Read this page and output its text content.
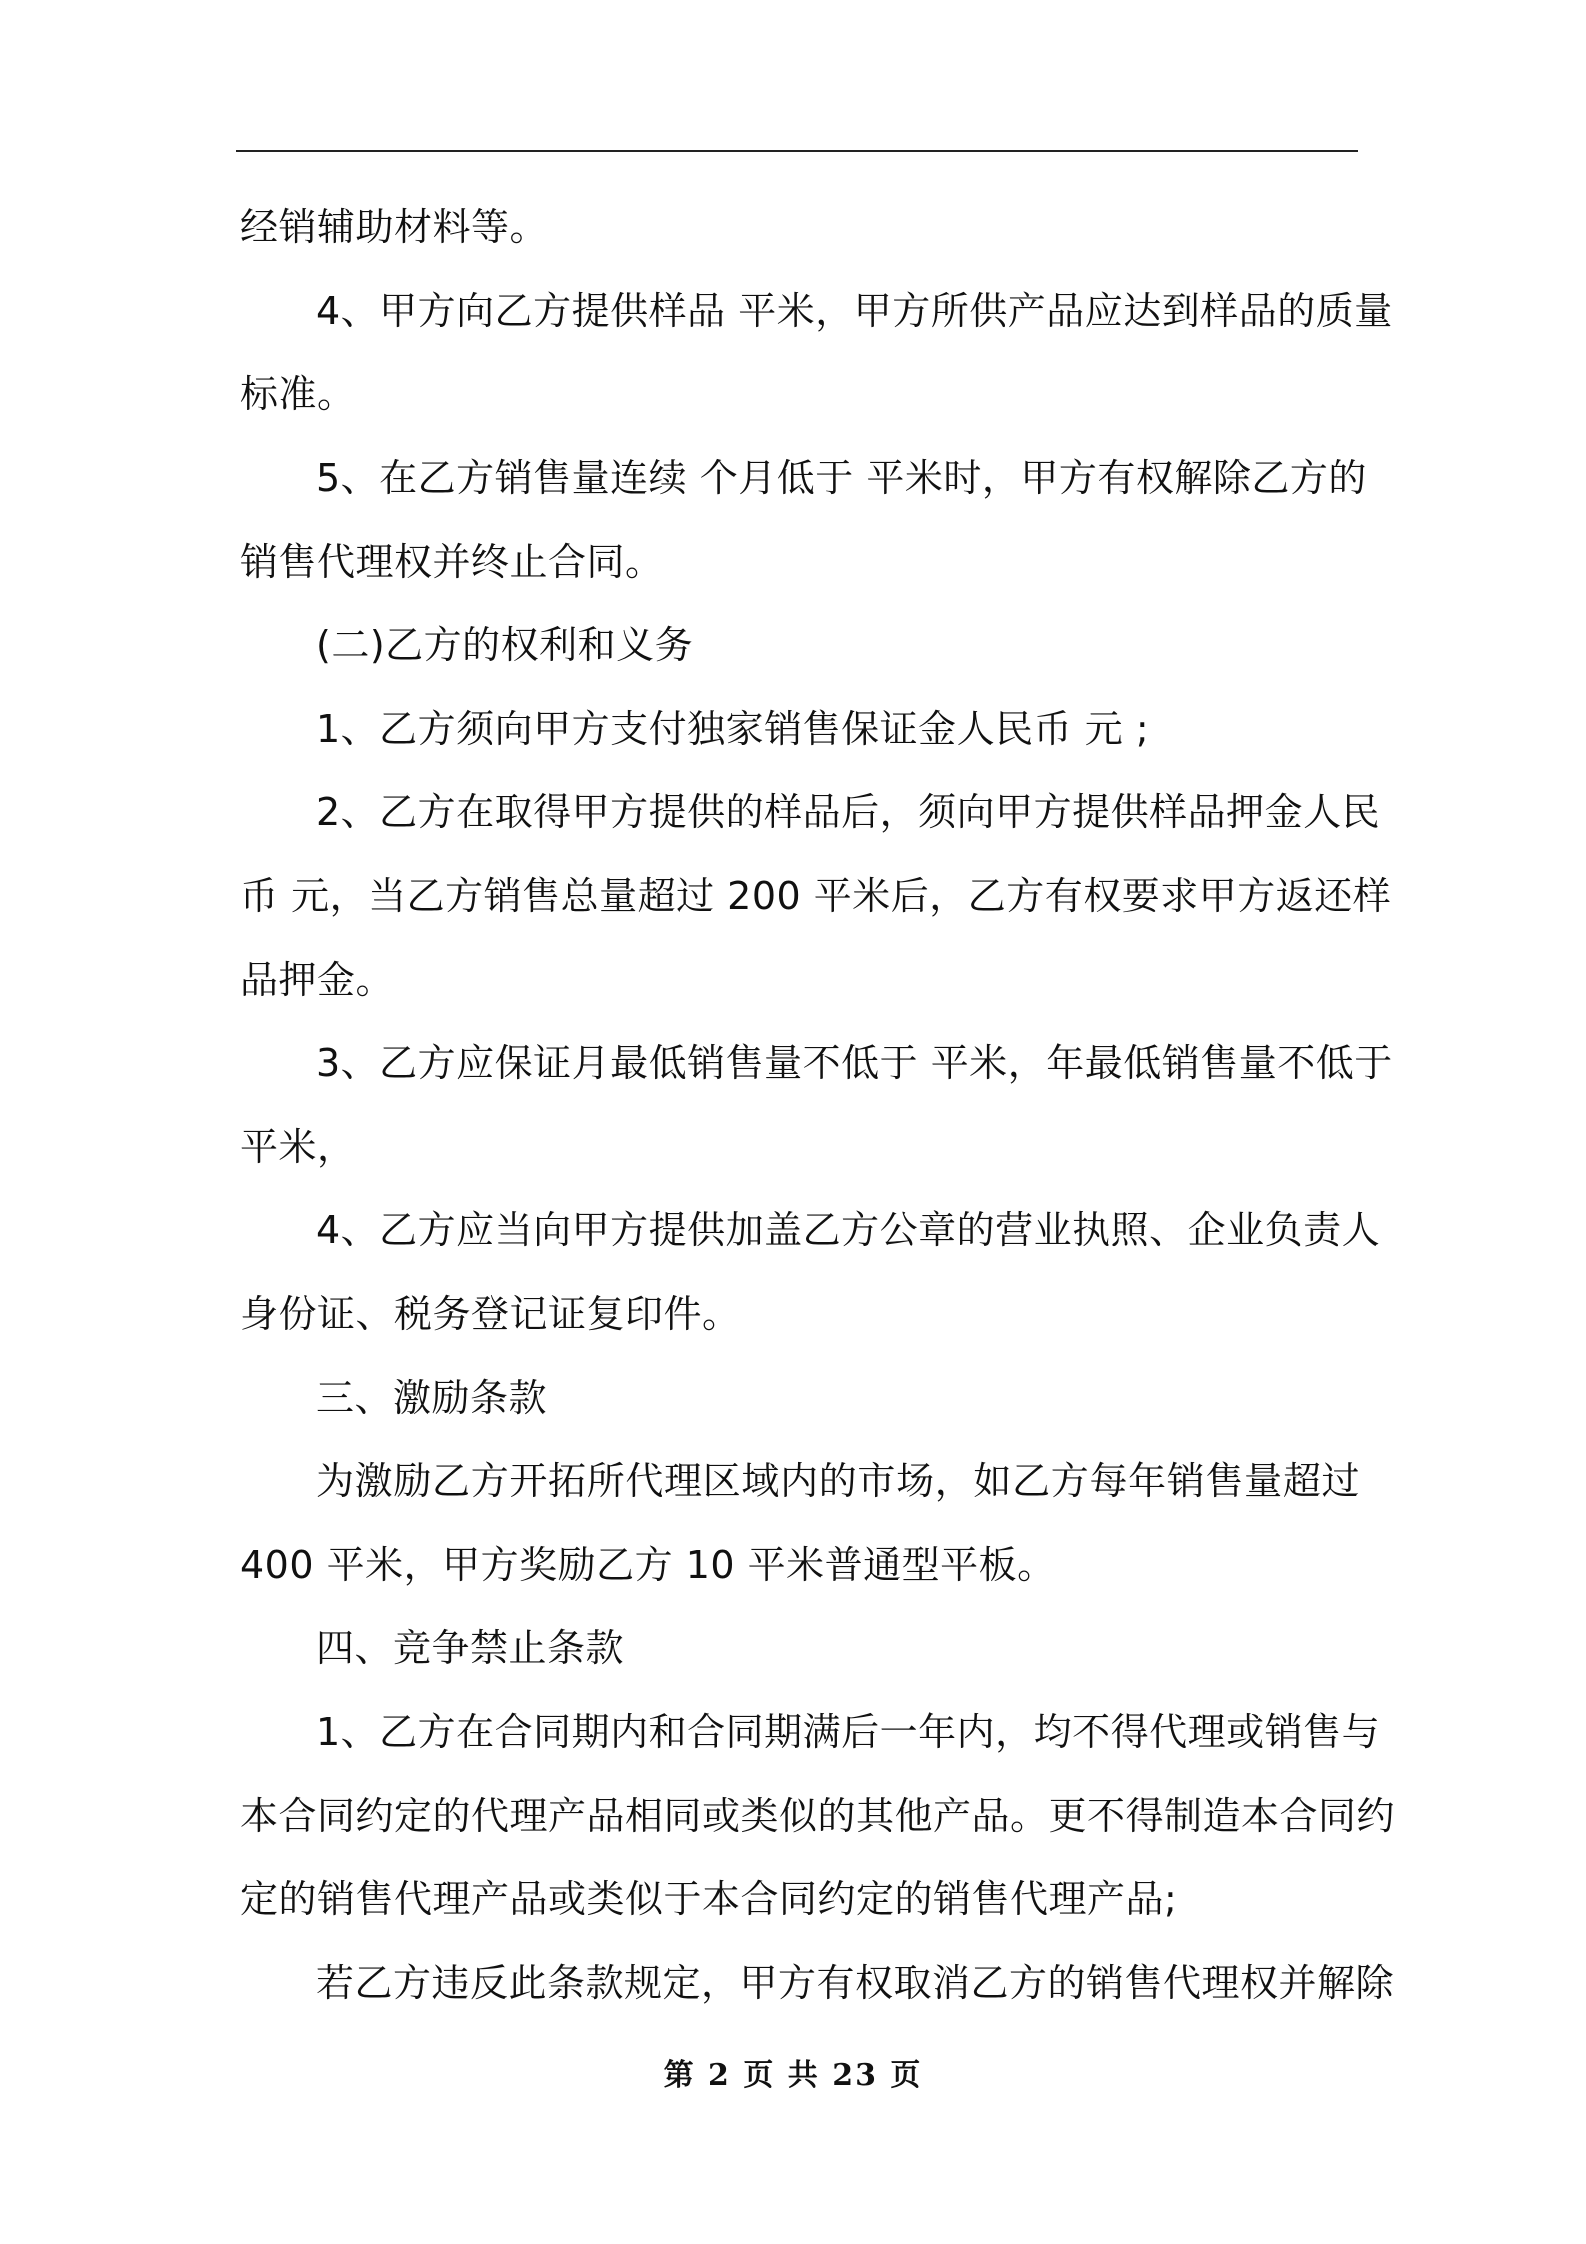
经销辅助材料等。
4、甲方向乙方提供样品 平米，甲方所供产品应达到样品的质量
标准。
5、在乙方销售量连续 个月低于 平米时，甲方有权解除乙方的
销售代理权并终止合同。
(二)乙方的权利和义务
1、乙方须向甲方支付独家销售保证金人民币 元 ;
2、乙方在取得甲方提供的样品后，须向甲方提供样品押金人民
币 元，当乙方销售总量超过 200 平米后，乙方有权要求甲方返还样
品押金。
3、乙方应保证月最低销售量不低于 平米，年最低销售量不低于
平米，
4、乙方应当向甲方提供加盖乙方公章的营业执照、企业负责人
身份证、税务登记证复印件。
三、激励条款
为激励乙方开拓所代理区域内的市场，如乙方每年销售量超过
400 平米，甲方奖励乙方 10 平米普通型平板。
四、竞争禁止条款
1、乙方在合同期内和合同期满后一年内，均不得代理或销售与
本合同约定的代理产品相同或类似的其他产品。更不得制造本合同约
定的销售代理产品或类似于本合同约定的销售代理产品;
若乙方违反此条款规定，甲方有权取消乙方的销售代理权并解除
第 2 页 共 23 页
